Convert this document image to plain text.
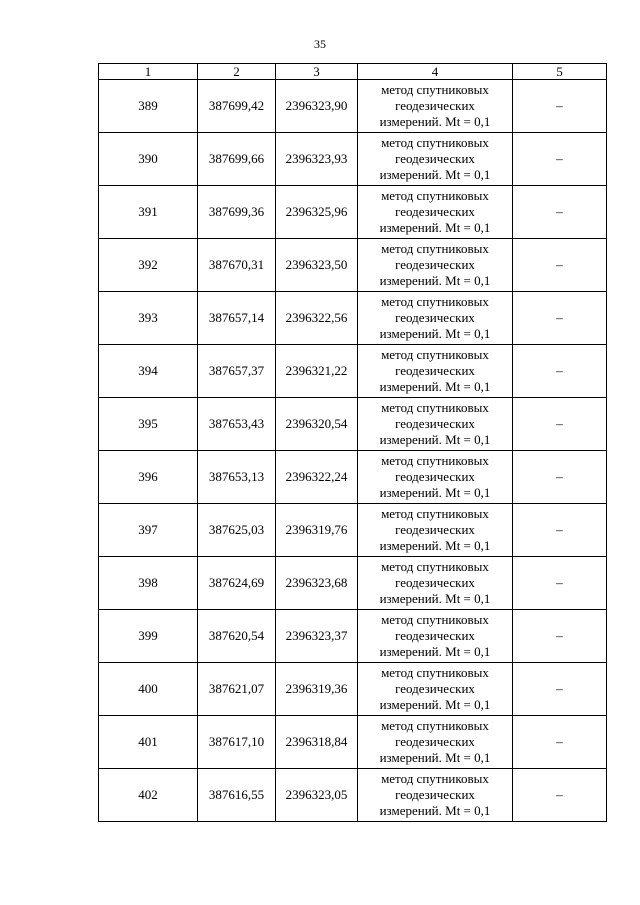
35
1	2	3	4	5
389	387699,42	2396323,90	метод спутниковых
геодезических
измерений. Mt = 0,1	–
390	387699,66	2396323,93	метод спутниковых
геодезических
измерений. Mt = 0,1	–
391	387699,36	2396325,96	метод спутниковых
геодезических
измерений. Mt = 0,1	–
392	387670,31	2396323,50	метод спутниковых
геодезических
измерений. Mt = 0,1	–
393	387657,14	2396322,56	метод спутниковых
геодезических
измерений. Mt = 0,1	–
394	387657,37	2396321,22	метод спутниковых
геодезических
измерений. Mt = 0,1	–
395	387653,43	2396320,54	метод спутниковых
геодезических
измерений. Mt = 0,1	–
396	387653,13	2396322,24	метод спутниковых
геодезических
измерений. Mt = 0,1	–
397	387625,03	2396319,76	метод спутниковых
геодезических
измерений. Mt = 0,1	–
398	387624,69	2396323,68	метод спутниковых
геодезических
измерений. Mt = 0,1	–
399	387620,54	2396323,37	метод спутниковых
геодезических
измерений. Mt = 0,1	–
400	387621,07	2396319,36	метод спутниковых
геодезических
измерений. Mt = 0,1	–
401	387617,10	2396318,84	метод спутниковых
геодезических
измерений. Mt = 0,1	–
402	387616,55	2396323,05	метод спутниковых
геодезических
измерений. Mt = 0,1	–
